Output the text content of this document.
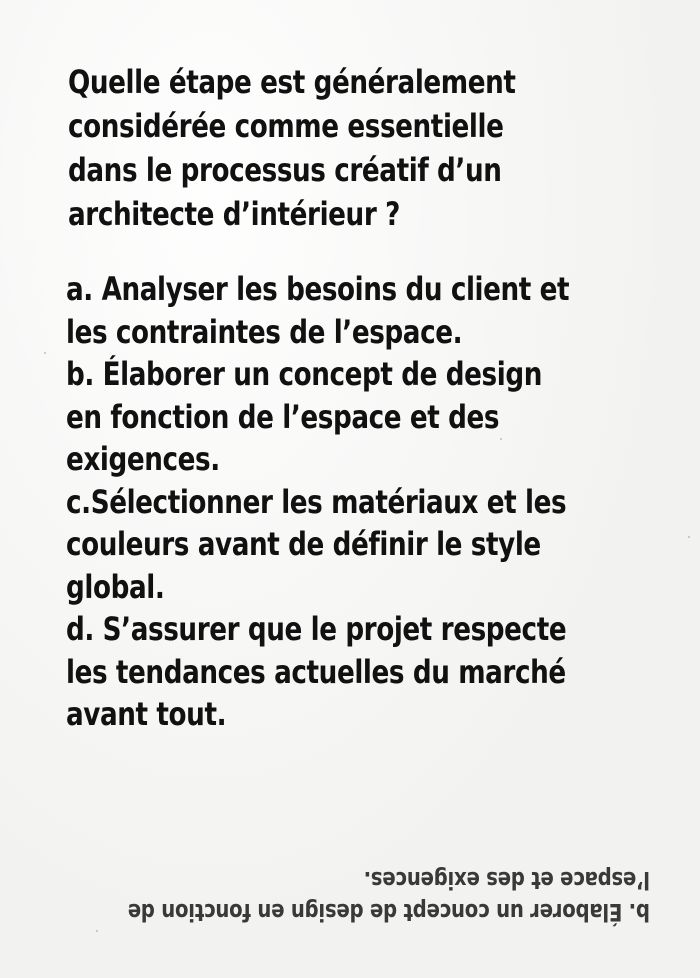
Quelle étape est généralement
considérée comme essentielle
dans le processus créatif d’un
architecte d’intérieur ?
a. Analyser les besoins du client et
les contraintes de l’espace.
b. Élaborer un concept de design
en fonction de l’espace et des
exigences.
c.Sélectionner les matériaux et les
couleurs avant de définir le style
global.
d. S’assurer que le projet respecte
les tendances actuelles du marché
avant tout.
b. Élaborer un concept de design en fonction de
l’espace et des exigences.
